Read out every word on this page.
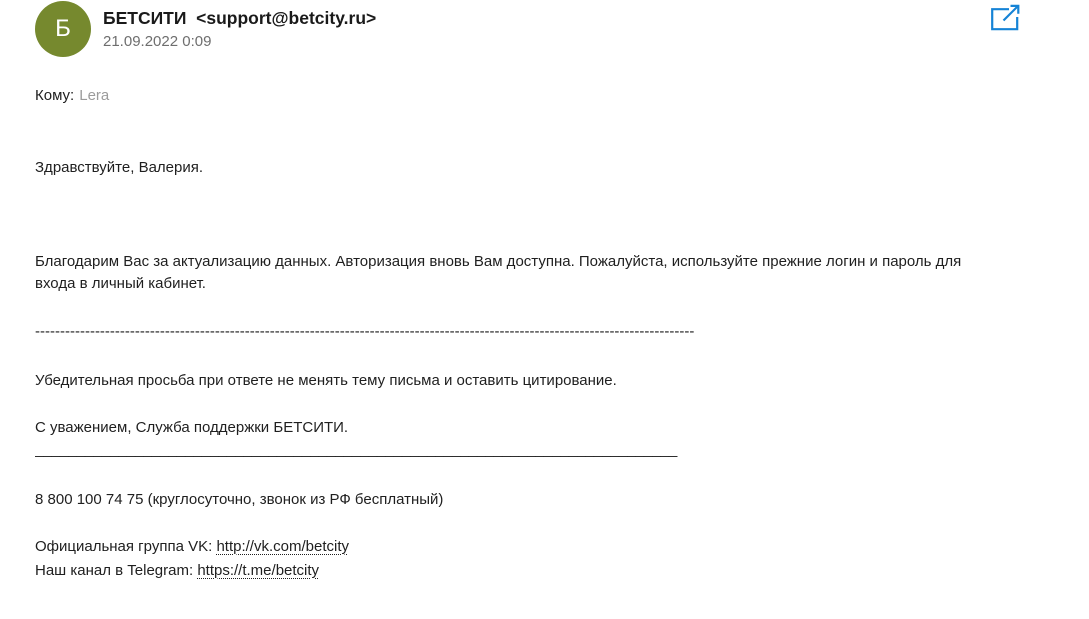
Б БЕТСИТИ  <support@betcity.ru>
21.09.2022 0:09
Кому: Lera

Здравствуйте, Валерия.

Благодарим Вас за актуализацию данных. Авторизация вновь Вам доступна. Пожалуйста, используйте прежние логин и пароль для входа в личный кабинет.

------------------------------------------------------------------------------------------------------------------------------------

Убедительная просьба при ответе не менять тему письма и оставить цитирование.

С уважением, Служба поддержки БЕТСИТИ.

_____________________________________________________________________________

8 800 100 74 75 (круглосуточно, звонок из РФ бесплатный)

Официальная группа VK: http://vk.com/betcity

Наш канал в Telegram: https://t.me/betcity
